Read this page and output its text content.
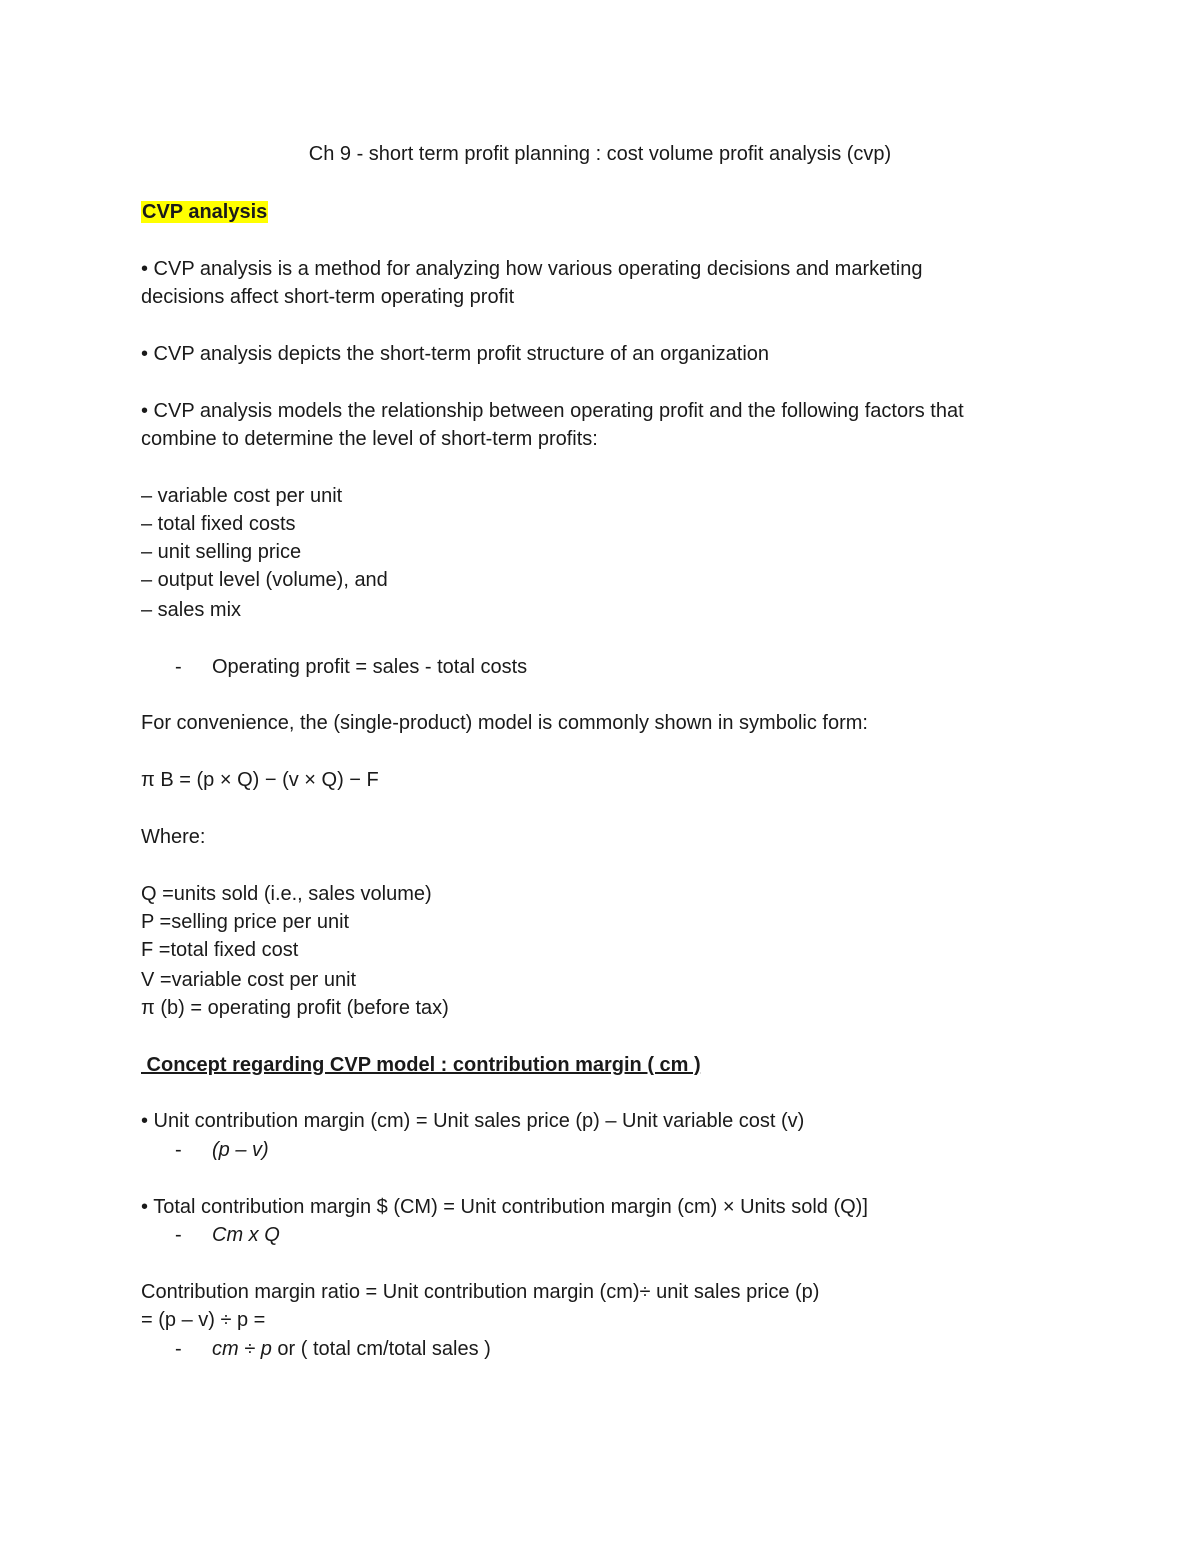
Ch 9 - short term profit planning : cost volume profit analysis (cvp)
CVP analysis
• CVP analysis is a method for analyzing how various operating decisions and marketing
decisions affect short-term operating profit
• CVP analysis depicts the short-term profit structure of an organization
• CVP analysis models the relationship between operating profit and the following factors that
combine to determine the level of short-term profits:
– variable cost per unit
– total fixed costs
– unit selling price
– output level (volume), and
– sales mix
- Operating profit = sales - total costs
For convenience, the (single-product) model is commonly shown in symbolic form:
π B = (p × Q) − (v × Q) − F
Where:
Q =units sold (i.e., sales volume)
P =selling price per unit
F =total fixed cost
V =variable cost per unit
π (b) = operating profit (before tax)
Concept regarding CVP model : contribution margin ( cm )
• Unit contribution margin (cm) = Unit sales price (p) – Unit variable cost (v)
- (p – v)
• Total contribution margin $ (CM) = Unit contribution margin (cm) × Units sold (Q)]
- Cm x Q
Contribution margin ratio = Unit contribution margin (cm)÷ unit sales price (p)
= (p – v) ÷ p =
- cm ÷ p or ( total cm/total sales )
